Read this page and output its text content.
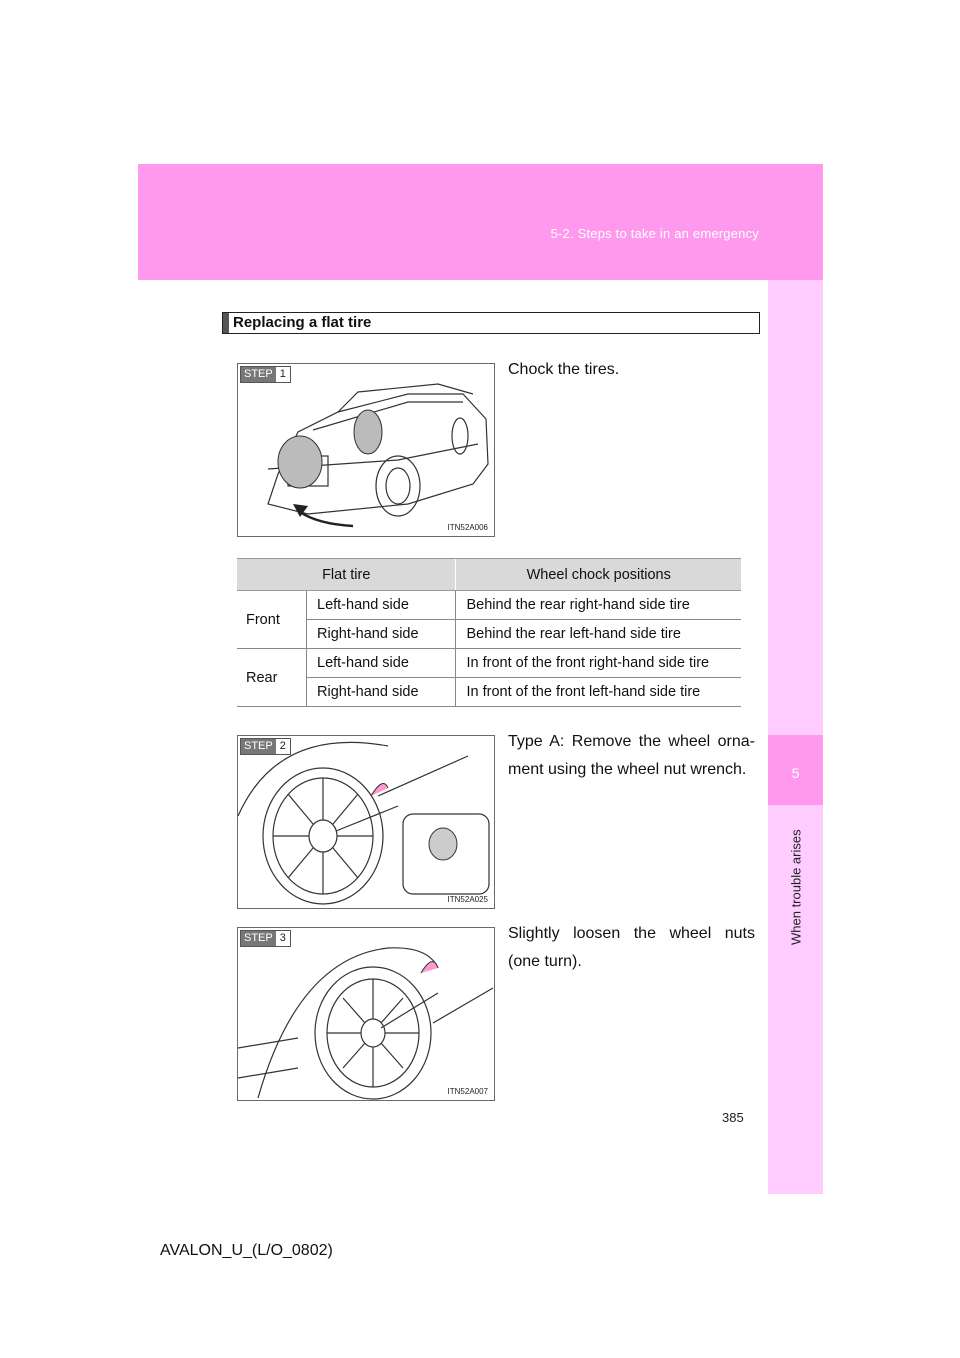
5-2. Steps to take in an emergency
5
When trouble arises
Replacing a flat tire
STEP 1
ITN52A006
Chock the tires.
Flat tire		Wheel chock positions
Front	Left-hand side	Behind the rear right-hand side tire
	Right-hand side	Behind the rear left-hand side tire
Rear	Left-hand side	In front of the front right-hand side tire
	Right-hand side	In front of the front left-hand side tire
STEP 2
ITN52A025
Type A: Remove the wheel orna-ment using the wheel nut wrench.
STEP 3
ITN52A007
Slightly loosen the wheel nuts (one turn).
385
AVALON_U_(L/O_0802)
